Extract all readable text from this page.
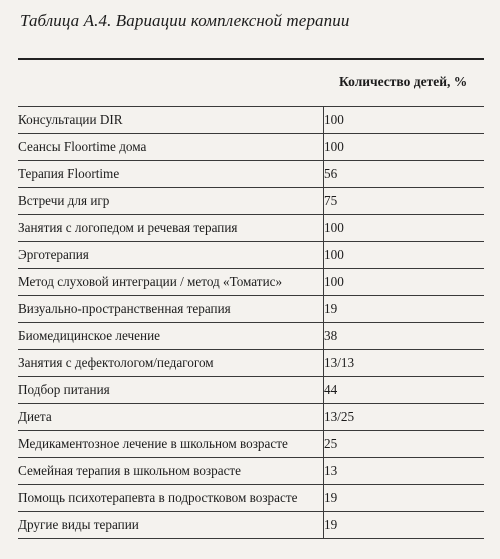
Таблица А.4. Вариации комплексной терапии
Количество детей, %
Консультации DIR	100
Сеансы Floortime дома	100
Терапия Floortime	56
Встречи для игр	75
Занятия с логопедом и речевая терапия	100
Эрготерапия	100
Метод слуховой интеграции / метод «Томатис»	100
Визуально-пространственная терапия	19
Биомедицинское лечение	38
Занятия с дефектологом/педагогом	13/13
Подбор питания	44
Диета	13/25
Медикаментозное лечение в школьном возрасте	25
Семейная терапия в школьном возрасте	13
Помощь психотерапевта в подростковом возрасте	19
Другие виды терапии	19
